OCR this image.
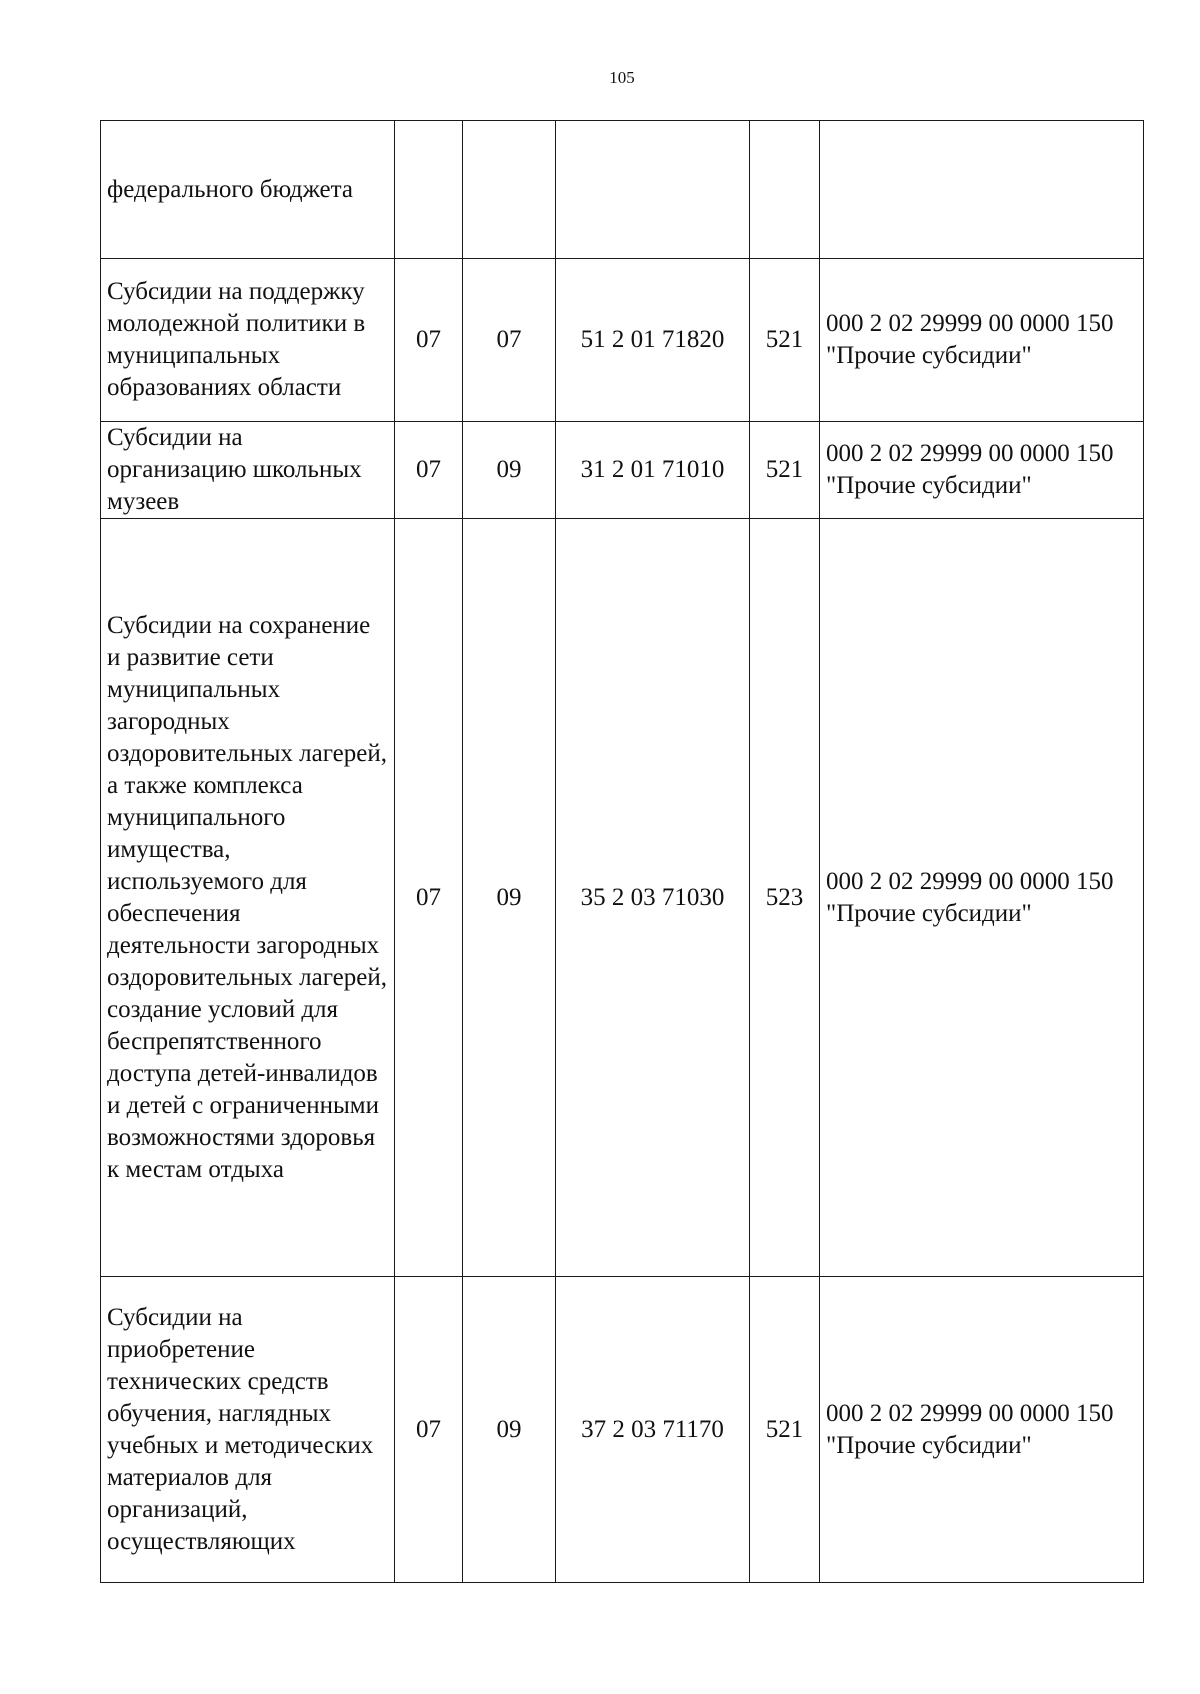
105
федерального бюджета					
Субсидии на поддержку молодежной политики в муниципальных образованиях области	07	07	51 2 01 71820	521	000 2 02 29999 00 0000 150 "Прочие субсидии"
Субсидии на организацию школьных музеев	07	09	31 2 01 71010	521	000 2 02 29999 00 0000 150 "Прочие субсидии"
Субсидии на сохранение и развитие сети муниципальных загородных оздоровительных лагерей, а также комплекса муниципального имущества, используемого для обеспечения деятельности загородных оздоровительных лагерей, создание условий для беспрепятственного доступа детей-инвалидов и детей с ограниченными возможностями здоровья к местам отдыха	07	09	35 2 03 71030	523	000 2 02 29999 00 0000 150 "Прочие субсидии"
Субсидии на приобретение технических средств обучения, наглядных учебных и методических материалов для организаций, осуществляющих	07	09	37 2 03 71170	521	000 2 02 29999 00 0000 150 "Прочие субсидии"
